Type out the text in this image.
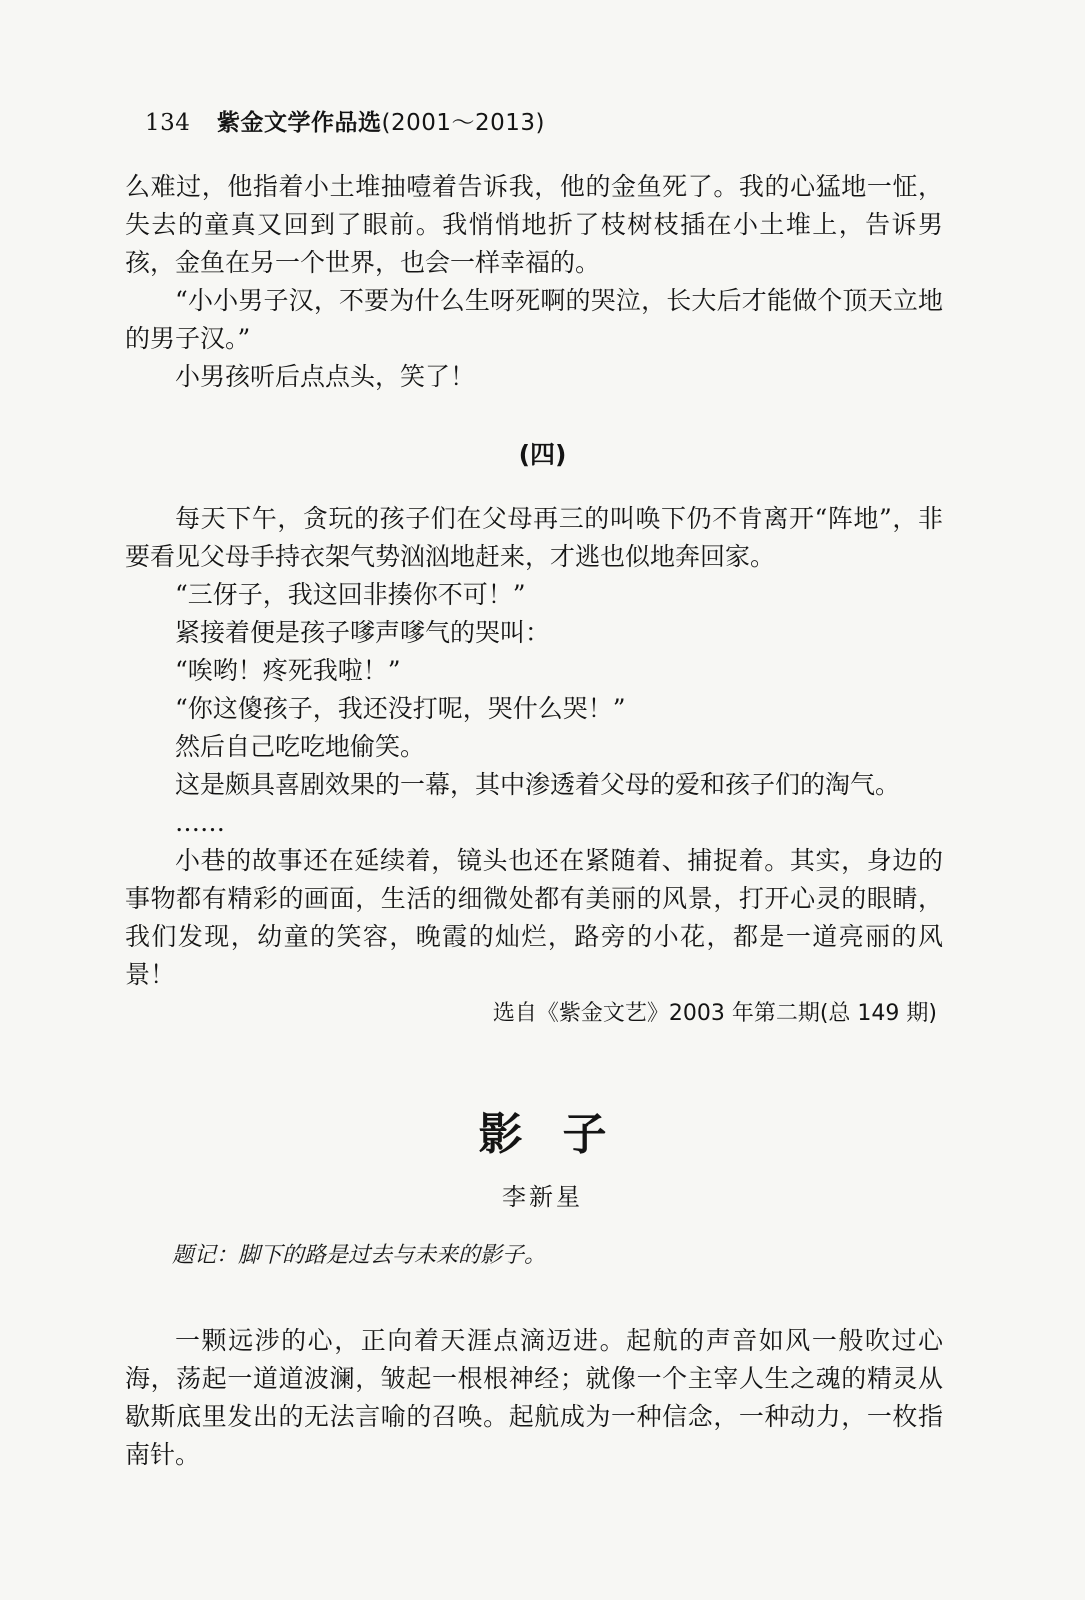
134 紫金文学作品选(2001～2013)

么难过，他指着小土堆抽噎着告诉我，他的金鱼死了。我的心猛地一怔，失去的童真又回到了眼前。我悄悄地折了枝树枝插在小土堆上，告诉男孩，金鱼在另一个世界，也会一样幸福的。

“小小男子汉，不要为什么生呀死啊的哭泣，长大后才能做个顶天立地的男子汉。”

小男孩听后点点头，笑了！

(四)

每天下午，贪玩的孩子们在父母再三的叫唤下仍不肯离开“阵地”，非要看见父母手持衣架气势汹汹地赶来，才逃也似地奔回家。

“三伢子，我这回非揍你不可！”

紧接着便是孩子嗲声嗲气的哭叫：

“唉哟！疼死我啦！”

“你这傻孩子，我还没打呢，哭什么哭！”

然后自己吃吃地偷笑。

这是颇具喜剧效果的一幕，其中渗透着父母的爱和孩子们的淘气。

……

小巷的故事还在延续着，镜头也还在紧随着、捕捉着。其实，身边的事物都有精彩的画面，生活的细微处都有美丽的风景，打开心灵的眼睛，我们发现，幼童的笑容，晚霞的灿烂，路旁的小花，都是一道亮丽的风景！

选自《紫金文艺》2003 年第二期(总 149 期)
影子
李新星
题记：脚下的路是过去与未来的影子。

一颗远涉的心，正向着天涯点滴迈进。起航的声音如风一般吹过心海，荡起一道道波澜，皱起一根根神经；就像一个主宰人生之魂的精灵从歇斯底里发出的无法言喻的召唤。起航成为一种信念，一种动力，一枚指南针。
